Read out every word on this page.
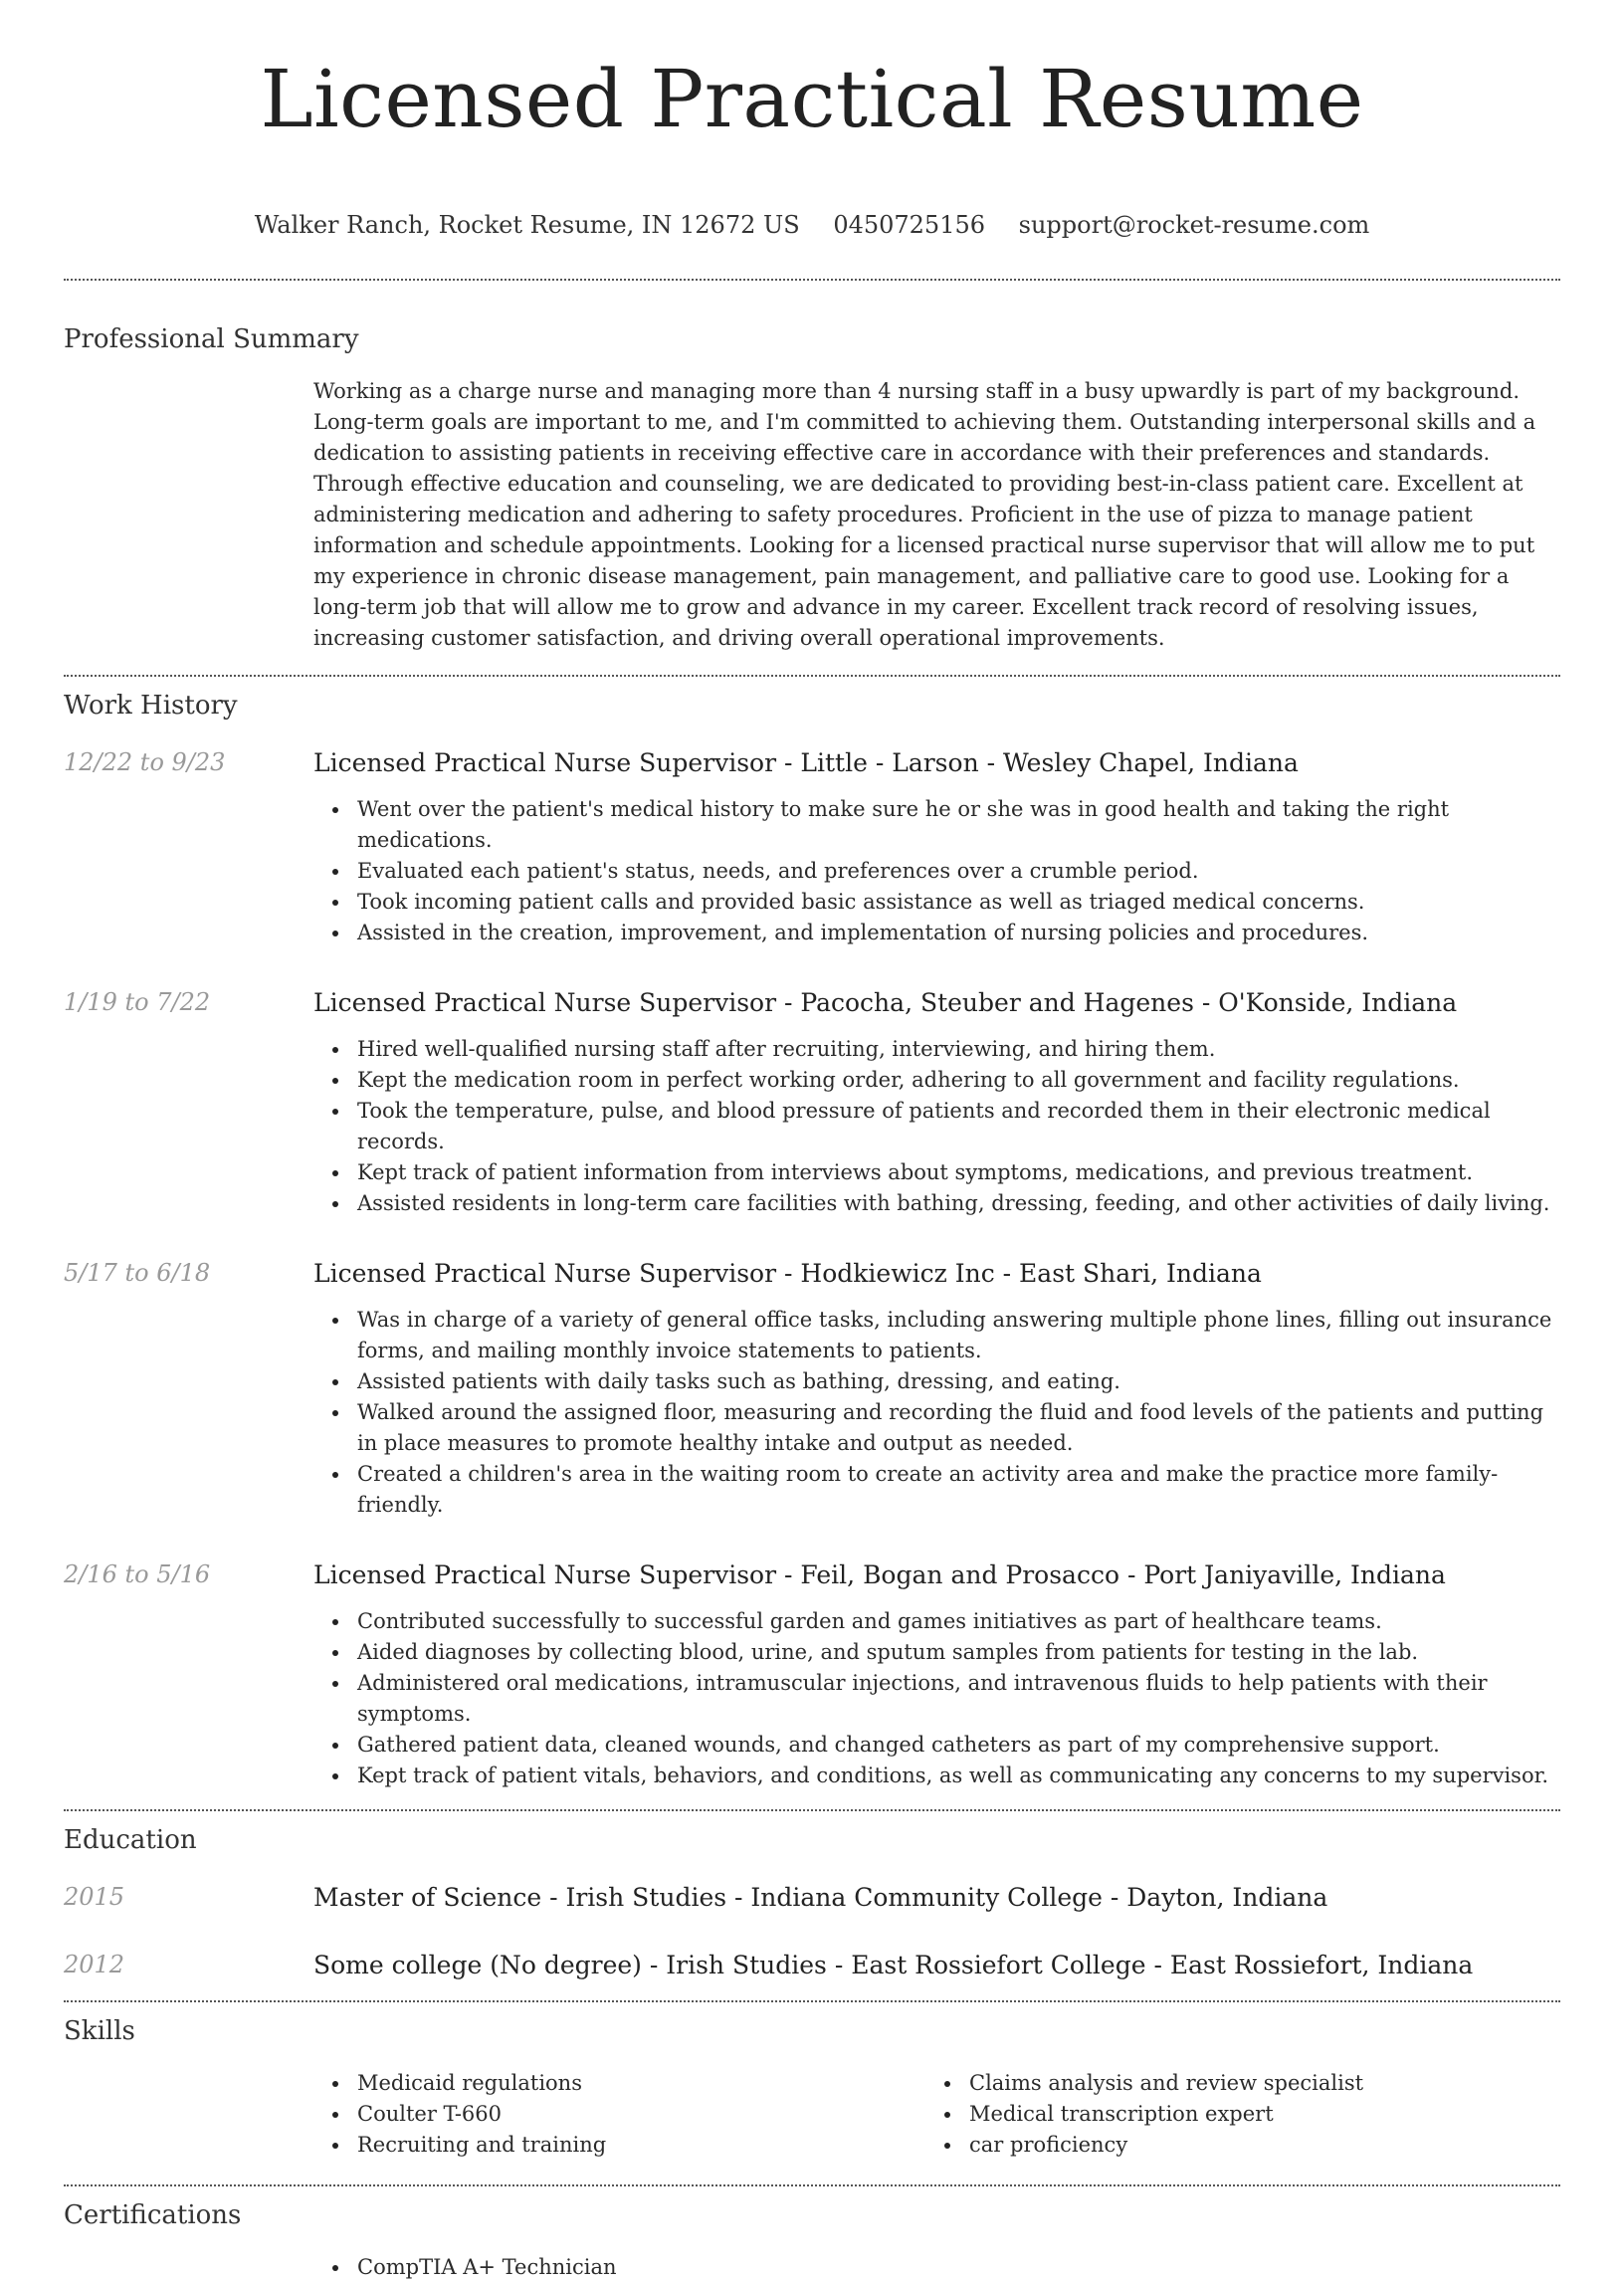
Licensed Practical Resume
Walker Ranch, Rocket Resume, IN 12672 US 0450725156 support@rocket-resume.com
Professional Summary

Working as a charge nurse and managing more than 4 nursing staff in a busy upwardly is part of my background. Long-term goals are important to me, and I'm committed to achieving them. Outstanding interpersonal skills and a dedication to assisting patients in receiving effective care in accordance with their preferences and standards. Through effective education and counseling, we are dedicated to providing best-in-class patient care. Excellent at administering medication and adhering to safety procedures. Proficient in the use of pizza to manage patient information and schedule appointments. Looking for a licensed practical nurse supervisor that will allow me to put my experience in chronic disease management, pain management, and palliative care to good use. Looking for a long-term job that will allow me to grow and advance in my career. Excellent track record of resolving issues, increasing customer satisfaction, and driving overall operational improvements.

Work History
12/22 to 9/23	Licensed Practical Nurse Supervisor - Little - Larson - Wesley Chapel, Indiana
Went over the patient's medical history to make sure he or she was in good health and taking the right medications.
Evaluated each patient's status, needs, and preferences over a crumble period.
Took incoming patient calls and provided basic assistance as well as triaged medical concerns.
Assisted in the creation, improvement, and implementation of nursing policies and procedures.
1/19 to 7/22	Licensed Practical Nurse Supervisor - Pacocha, Steuber and Hagenes - O'Konside, Indiana
Hired well-qualified nursing staff after recruiting, interviewing, and hiring them.
Kept the medication room in perfect working order, adhering to all government and facility regulations.
Took the temperature, pulse, and blood pressure of patients and recorded them in their electronic medical records.
Kept track of patient information from interviews about symptoms, medications, and previous treatment.
Assisted residents in long-term care facilities with bathing, dressing, feeding, and other activities of daily living.
5/17 to 6/18	Licensed Practical Nurse Supervisor - Hodkiewicz Inc - East Shari, Indiana
Was in charge of a variety of general office tasks, including answering multiple phone lines, filling out insurance forms, and mailing monthly invoice statements to patients.
Assisted patients with daily tasks such as bathing, dressing, and eating.
Walked around the assigned floor, measuring and recording the fluid and food levels of the patients and putting in place measures to promote healthy intake and output as needed.
Created a children's area in the waiting room to create an activity area and make the practice more family-friendly.
2/16 to 5/16	Licensed Practical Nurse Supervisor - Feil, Bogan and Prosacco - Port Janiyaville, Indiana
Contributed successfully to successful garden and games initiatives as part of healthcare teams.
Aided diagnoses by collecting blood, urine, and sputum samples from patients for testing in the lab.
Administered oral medications, intramuscular injections, and intravenous fluids to help patients with their symptoms.
Gathered patient data, cleaned wounds, and changed catheters as part of my comprehensive support.
Kept track of patient vitals, behaviors, and conditions, as well as communicating any concerns to my supervisor.
Education
2015	Master of Science - Irish Studies - Indiana Community College - Dayton, Indiana
2012	Some college (No degree) - Irish Studies - East Rossiefort College - East Rossiefort, Indiana
Skills
Medicaid regulations
Coulter T-660
Recruiting and training
Claims analysis and review specialist
Medical transcription expert
car proficiency
Certifications
CompTIA A+ Technician
